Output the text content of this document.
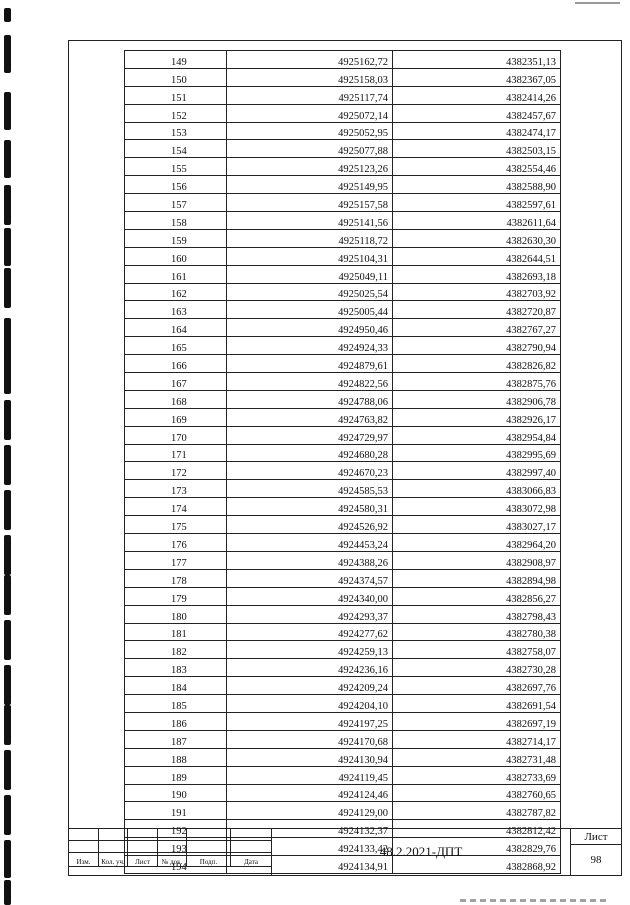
149	4925162,72	4382351,13
150	4925158,03	4382367,05
151	4925117,74	4382414,26
152	4925072,14	4382457,67
153	4925052,95	4382474,17
154	4925077,88	4382503,15
155	4925123,26	4382554,46
156	4925149,95	4382588,90
157	4925157,58	4382597,61
158	4925141,56	4382611,64
159	4925118,72	4382630,30
160	4925104,31	4382644,51
161	4925049,11	4382693,18
162	4925025,54	4382703,92
163	4925005,44	4382720,87
164	4924950,46	4382767,27
165	4924924,33	4382790,94
166	4924879,61	4382826,82
167	4924822,56	4382875,76
168	4924788,06	4382906,78
169	4924763,82	4382926,17
170	4924729,97	4382954,84
171	4924680,28	4382995,69
172	4924670,23	4382997,40
173	4924585,53	4383066,83
174	4924580,31	4383072,98
175	4924526,92	4383027,17
176	4924453,24	4382964,20
177	4924388,26	4382908,97
178	4924374,57	4382894,98
179	4924340,00	4382856,27
180	4924293,37	4382798,43
181	4924277,62	4382780,38
182	4924259,13	4382758,07
183	4924236,16	4382730,28
184	4924209,24	4382697,76
185	4924204,10	4382691,54
186	4924197,25	4382697,19
187	4924170,68	4382714,17
188	4924130,94	4382731,48
189	4924119,45	4382733,69
190	4924124,46	4382760,65
191	4924129,00	4382787,82
192	4924132,37	4382812,42
193	4924133,42	4382829,76
194	4924134,91	4382868,92

Изм.	Кол. уч.	Лист	№ док.	Подп.	Дата
48.2.2021-ДПТ
Лист
98
